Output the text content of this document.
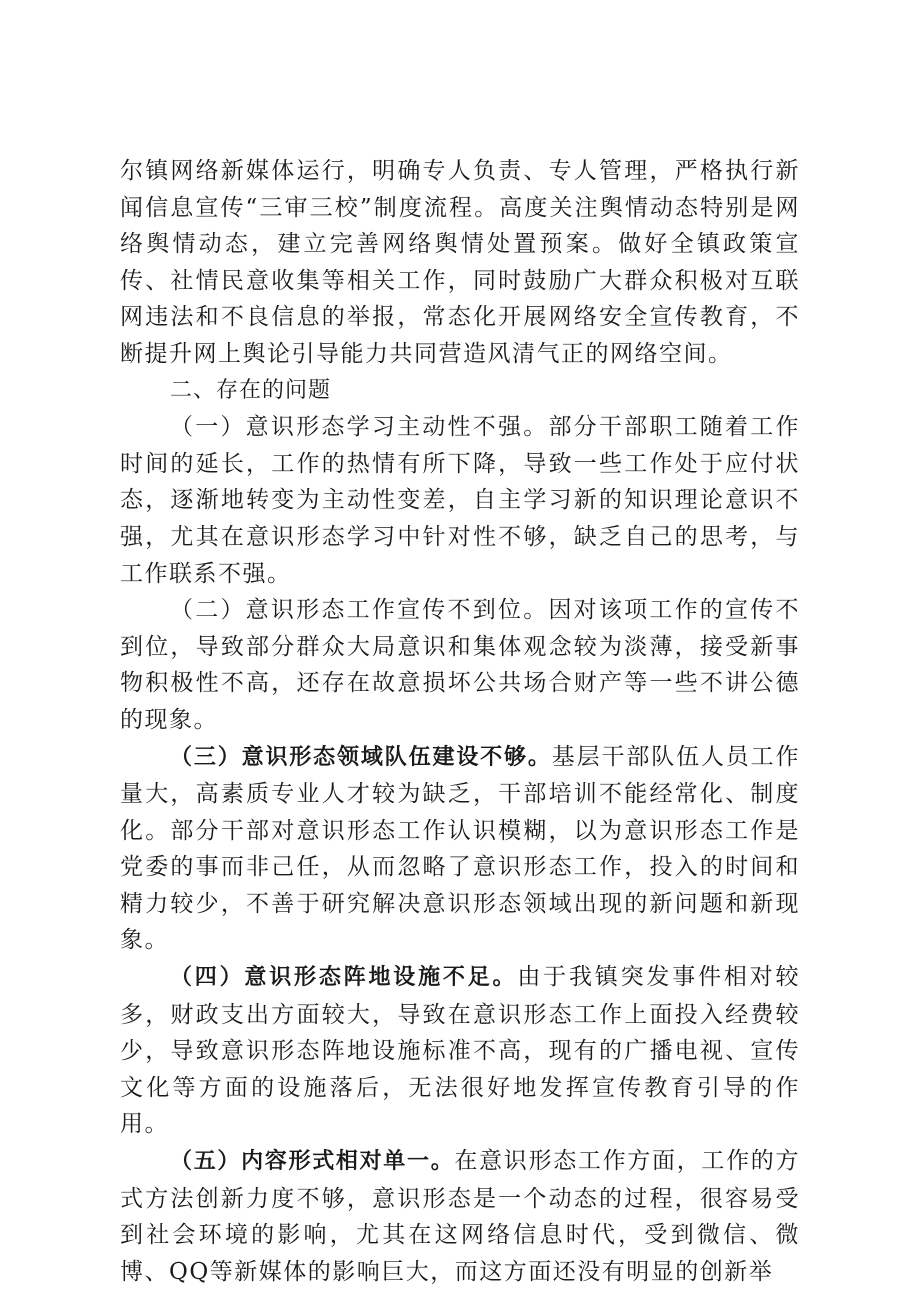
尔镇网络新媒体运行，明确专人负责、专人管理，严格执行新闻信息宣传“三审三校”制度流程。高度关注舆情动态特别是网络舆情动态，建立完善网络舆情处置预案。做好全镇政策宣传、社情民意收集等相关工作，同时鼓励广大群众积极对互联网违法和不良信息的举报，常态化开展网络安全宣传教育，不断提升网上舆论引导能力共同营造风清气正的网络空间。

二、存在的问题

（一）意识形态学习主动性不强。部分干部职工随着工作时间的延长，工作的热情有所下降，导致一些工作处于应付状态，逐渐地转变为主动性变差，自主学习新的知识理论意识不强，尤其在意识形态学习中针对性不够，缺乏自己的思考，与工作联系不强。

（二）意识形态工作宣传不到位。因对该项工作的宣传不到位，导致部分群众大局意识和集体观念较为淡薄，接受新事物积极性不高，还存在故意损坏公共场合财产等一些不讲公德的现象。

（三）意识形态领域队伍建设不够。基层干部队伍人员工作量大，高素质专业人才较为缺乏，干部培训不能经常化、制度化。部分干部对意识形态工作认识模糊，以为意识形态工作是党委的事而非己任，从而忽略了意识形态工作，投入的时间和精力较少，不善于研究解决意识形态领域出现的新问题和新现象。

（四）意识形态阵地设施不足。由于我镇突发事件相对较多，财政支出方面较大，导致在意识形态工作上面投入经费较少，导致意识形态阵地设施标准不高，现有的广播电视、宣传文化等方面的设施落后，无法很好地发挥宣传教育引导的作用。

（五）内容形式相对单一。在意识形态工作方面，工作的方式方法创新力度不够，意识形态是一个动态的过程，很容易受到社会环境的影响，尤其在这网络信息时代，受到微信、微博、QQ等新媒体的影响巨大，而这方面还没有明显的创新举
